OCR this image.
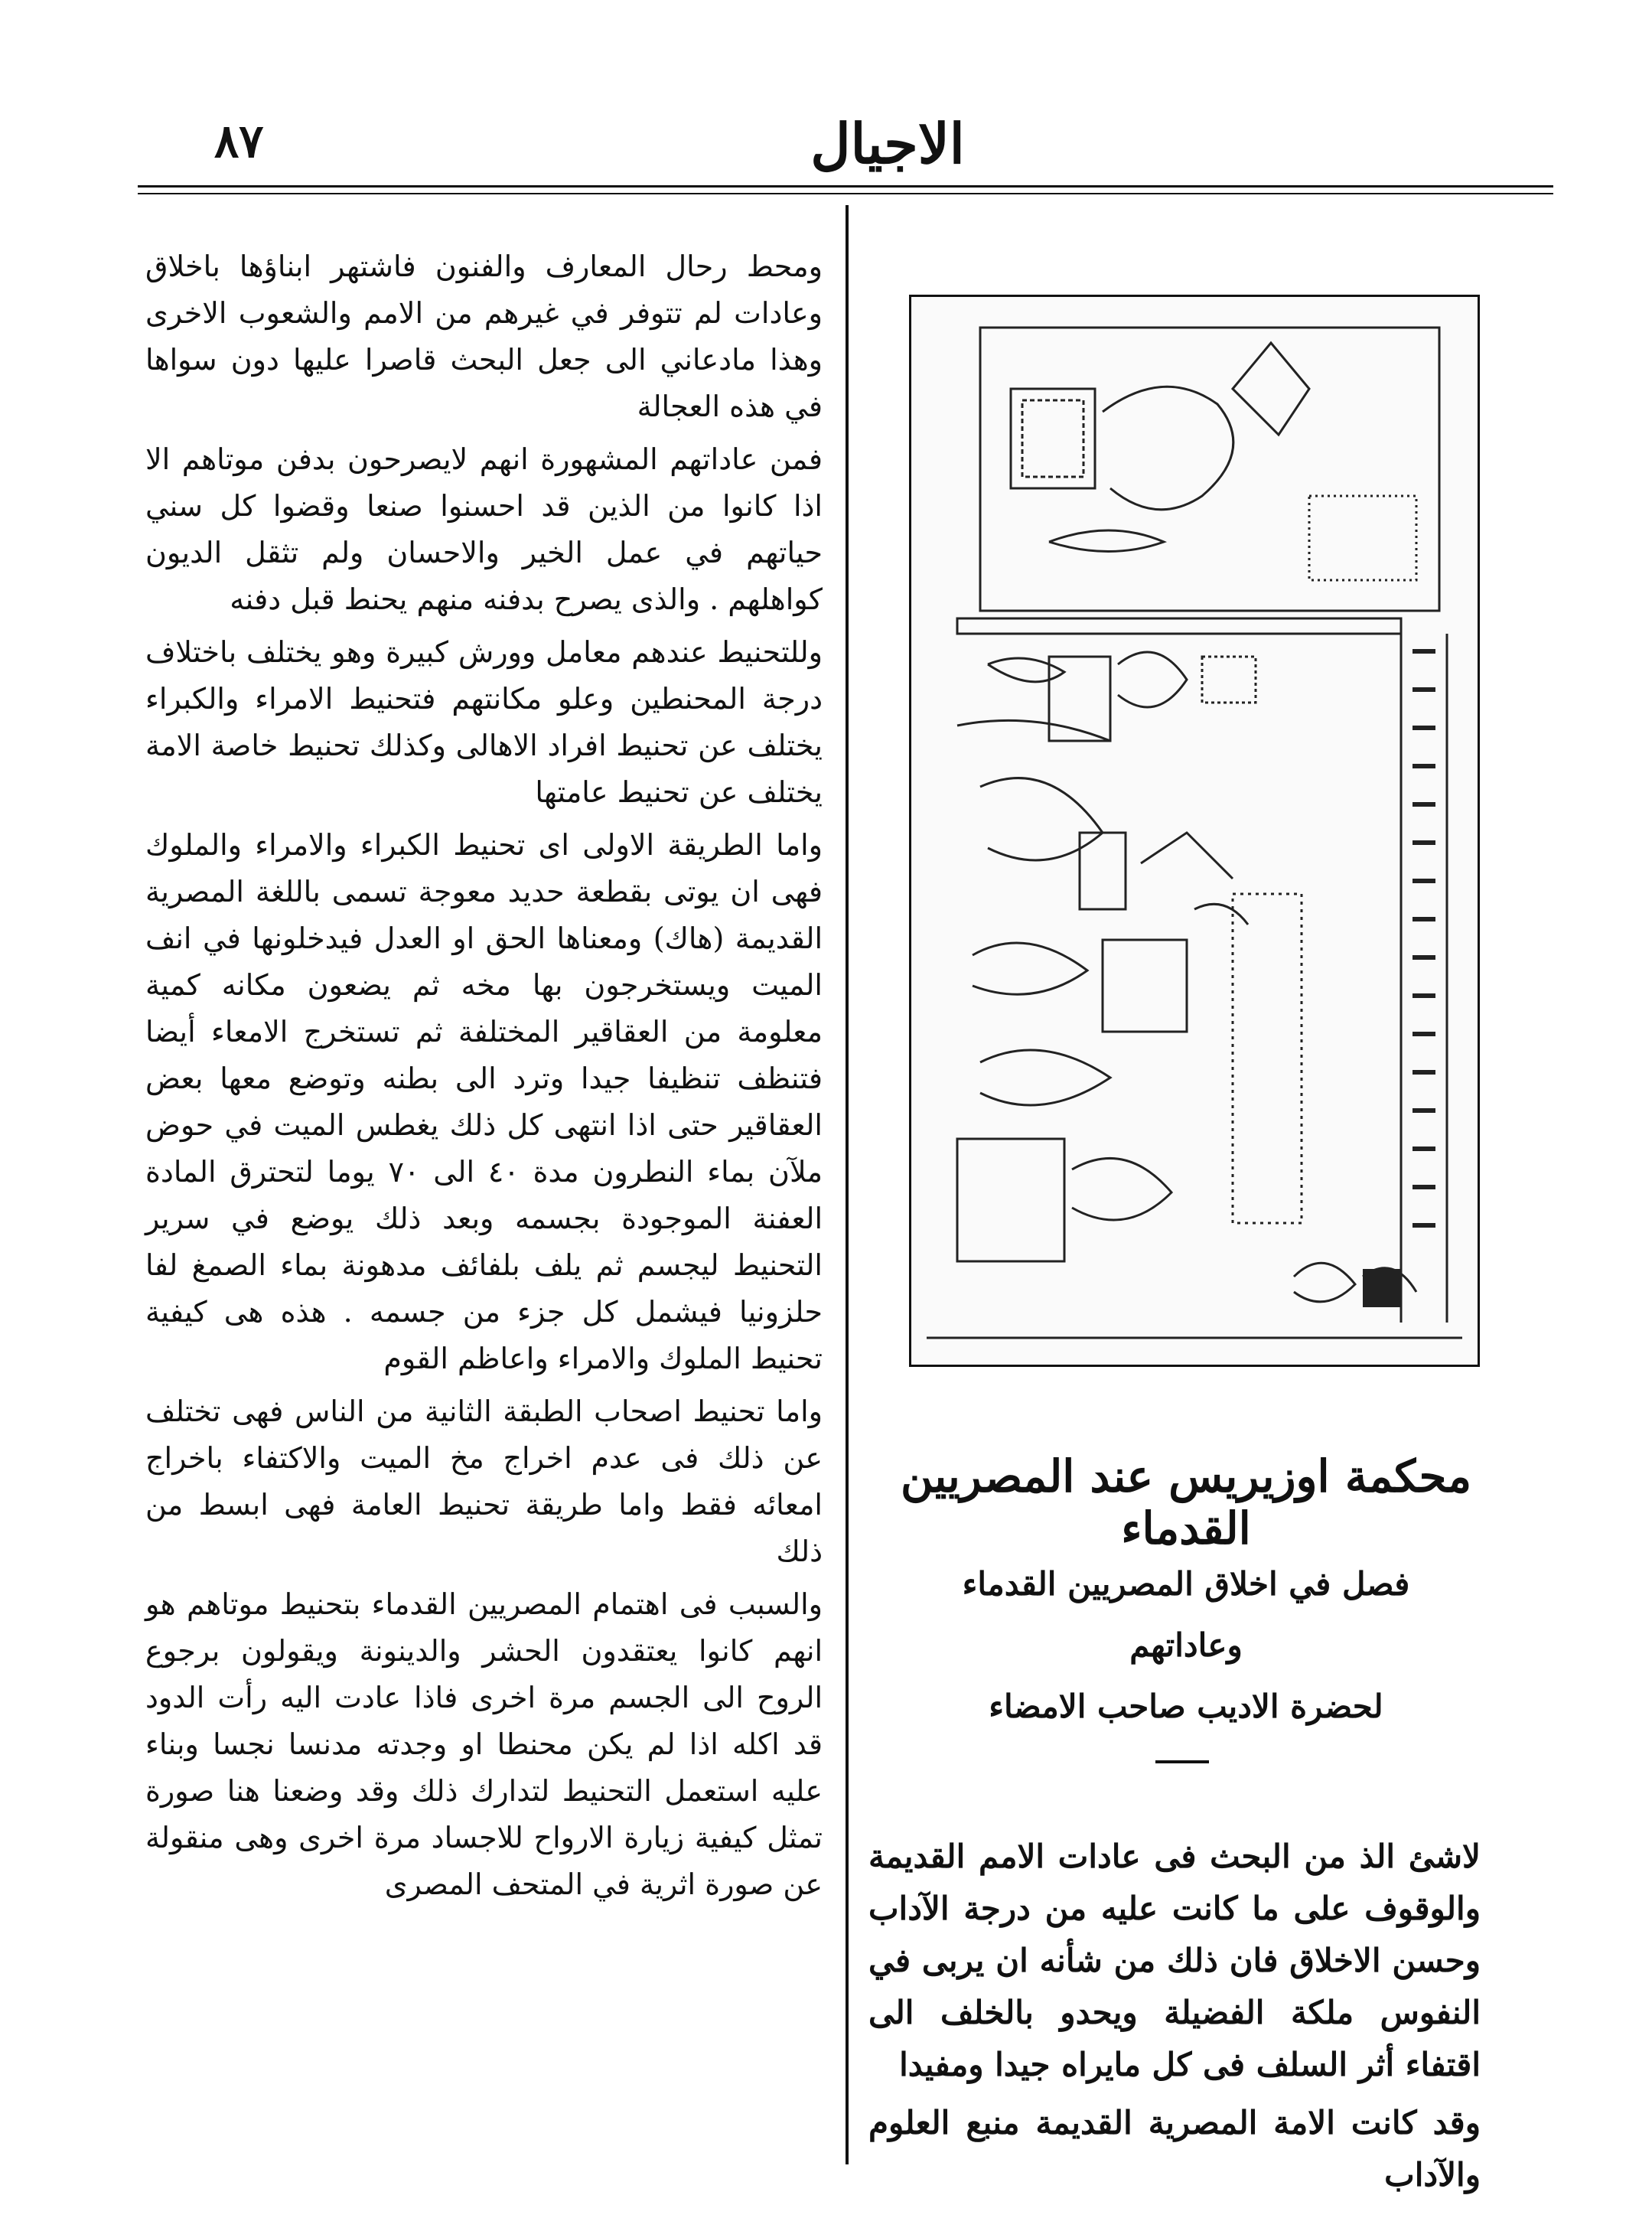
٨٧	الاجيال

ومحط رحال المعارف والفنون فاشتهر ابناؤها باخلاق وعادات لم تتوفر في غيرهم من الامم والشعوب الاخرى وهذا مادعاني الى جعل البحث قاصرا عليها دون سواها في هذه العجالة

فمن عاداتهم المشهورة انهم لايصرحون بدفن موتاهم الا اذا كانوا من الذين قد احسنوا صنعا وقضوا كل سني حياتهم في عمل الخير والاحسان ولم تثقل الديون كواهلهم . والذى يصرح بدفنه منهم يحنط قبل دفنه

وللتحنيط عندهم معامل وورش كبيرة وهو يختلف باختلاف درجة المحنطين وعلو مكانتهم فتحنيط الامراء والكبراء يختلف عن تحنيط افراد الاهالى وكذلك تحنيط خاصة الامة يختلف عن تحنيط عامتها

واما الطريقة الاولى اى تحنيط الكبراء والامراء والملوك فهى ان يوتى بقطعة حديد معوجة تسمى باللغة المصرية القديمة (هاك) ومعناها الحق او العدل فيدخلونها في انف الميت ويستخرجون بها مخه ثم يضعون مكانه كمية معلومة من العقاقير المختلفة ثم تستخرج الامعاء أيضا فتنظف تنظيفا جيدا وترد الى بطنه وتوضع معها بعض العقاقير حتى اذا انتهى كل ذلك يغطس الميت في حوض ملآن بماء النطرون مدة ٤٠ الى ٧٠ يوما لتحترق المادة العفنة الموجودة بجسمه وبعد ذلك يوضع في سرير التحنيط ليجسم ثم يلف بلفائف مدهونة بماء الصمغ لفا حلزونيا فيشمل كل جزء من جسمه . هذه هى كيفية تحنيط الملوك والامراء واعاظم القوم

واما تحنيط اصحاب الطبقة الثانية من الناس فهى تختلف عن ذلك فى عدم اخراج مخ الميت والاكتفاء باخراج امعائه فقط واما طريقة تحنيط العامة فهى ابسط من ذلك

والسبب فى اهتمام المصريين القدماء بتحنيط موتاهم هو انهم كانوا يعتقدون الحشر والدينونة ويقولون برجوع الروح الى الجسم مرة اخرى فاذا عادت اليه رأت الدود قد اكله اذا لم يكن محنطا او وجدته مدنسا نجسا وبناء عليه استعمل التحنيط لتدارك ذلك وقد وضعنا هنا صورة تمثل كيفية زيارة الارواح للاجساد مرة اخرى وهى منقولة عن صورة اثرية في المتحف المصرى

محكمة اوزيريس عند المصريين القدماء
فصل في اخلاق المصريين القدماء
وعاداتهم
لحضرة الاديب صاحب الامضاء

لاشئ الذ من البحث فى عادات الامم القديمة والوقوف على ما كانت عليه من درجة الآداب وحسن الاخلاق فان ذلك من شأنه ان يربى في النفوس ملكة الفضيلة ويحدو بالخلف الى اقتفاء أثر السلف فى كل مايراه جيدا ومفيدا

وقد كانت الامة المصرية القديمة منبع العلوم والآداب
